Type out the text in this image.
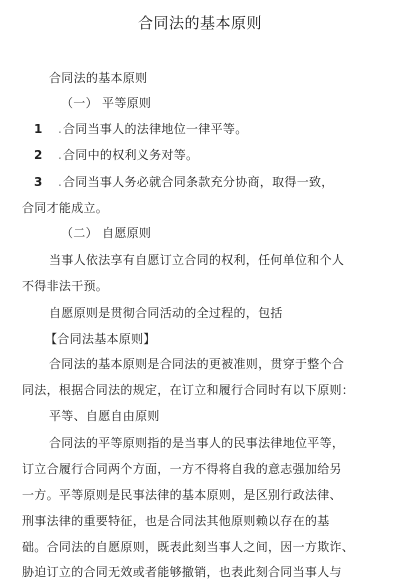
合同法的基本原则
合同法的基本原则
（一） 平等原则
1 . 合同当事人的法律地位一律平等。
2 . 合同中的权利义务对等。
3 . 合同当事人务必就合同条款充分协商，取得一致，
合同才能成立。
（二） 自愿原则
当事人依法享有自愿订立合同的权利，任何单位和个人
不得非法干预。
自愿原则是贯彻合同活动的全过程的，包括
【合同法基本原则】
合同法的基本原则是合同法的更被准则，贯穿于整个合
同法，根据合同法的规定，在订立和履行合同时有以下原则：
平等、自愿自由原则
合同法的平等原则指的是当事人的民事法律地位平等，
订立合履行合同两个方面，一方不得将自我的意志强加给另
一方。平等原则是民事法律的基本原则，是区别行政法律、
刑事法律的重要特征，也是合同法其他原则赖以存在的基
础。合同法的自愿原则，既表此刻当事人之间，因一方欺诈、
胁迫订立的合同无效或者能够撤销，也表此刻合同当事人与
